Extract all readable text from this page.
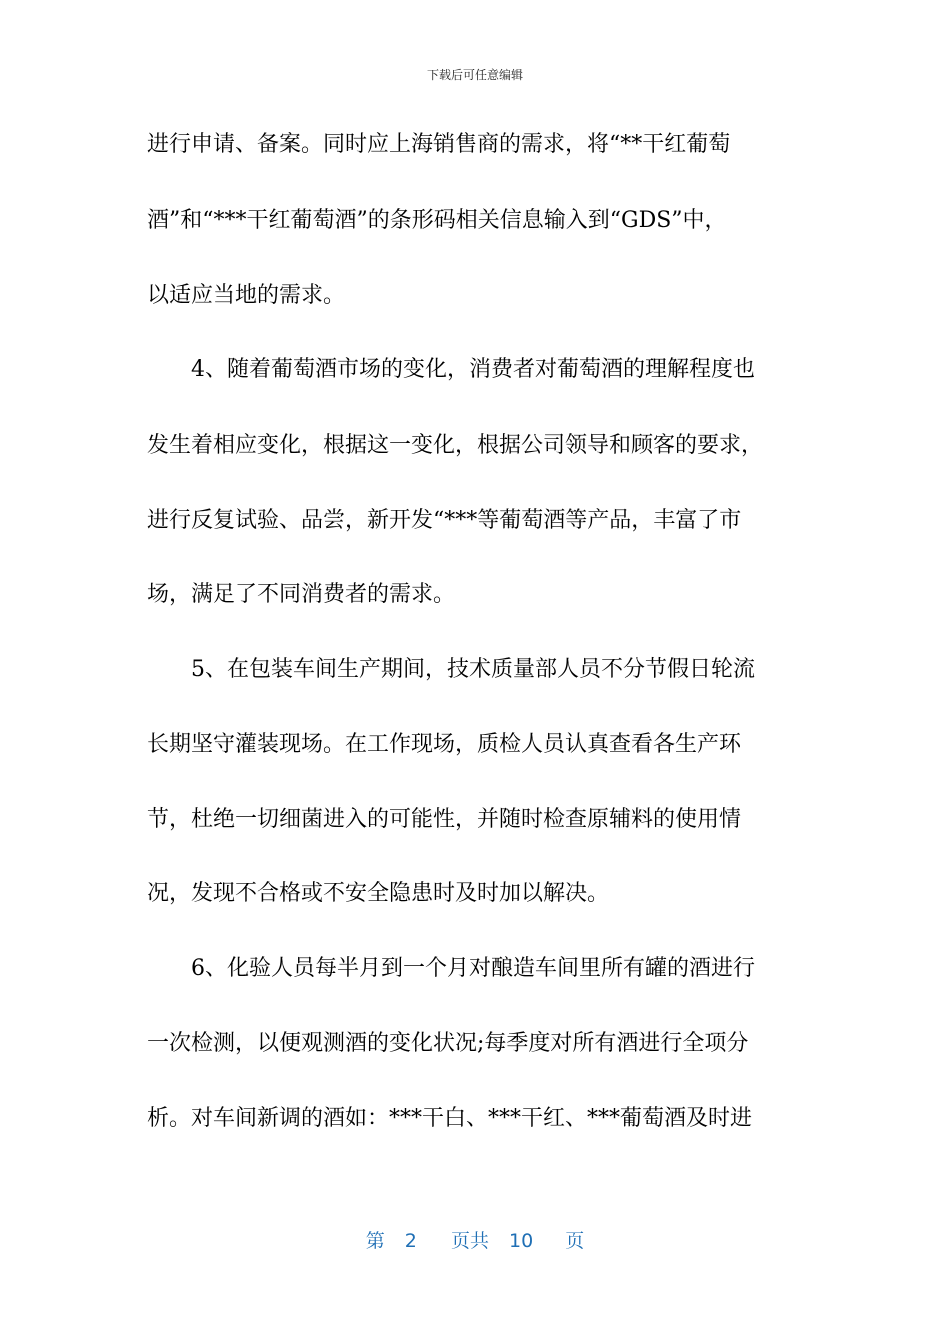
下载后可任意编辑
进行申请、备案。同时应上海销售商的需求，将“**干红葡萄
酒”和“***干红葡萄酒”的条形码相关信息输入到“GDS”中，
以适应当地的需求。
4、随着葡萄酒市场的变化，消费者对葡萄酒的理解程度也
发生着相应变化，根据这一变化，根据公司领导和顾客的要求，
进行反复试验、品尝，新开发“***等葡萄酒等产品，丰富了市
场，满足了不同消费者的需求。
5、在包装车间生产期间，技术质量部人员不分节假日轮流
长期坚守灌装现场。在工作现场，质检人员认真查看各生产环
节，杜绝一切细菌进入的可能性，并随时检查原辅料的使用情
况，发现不合格或不安全隐患时及时加以解决。
6、化验人员每半月到一个月对酿造车间里所有罐的酒进行
一次检测，以便观测酒的变化状况;每季度对所有酒进行全项分
析。对车间新调的酒如：***干白、***干红、***葡萄酒及时进
第 2 页共 10 页
